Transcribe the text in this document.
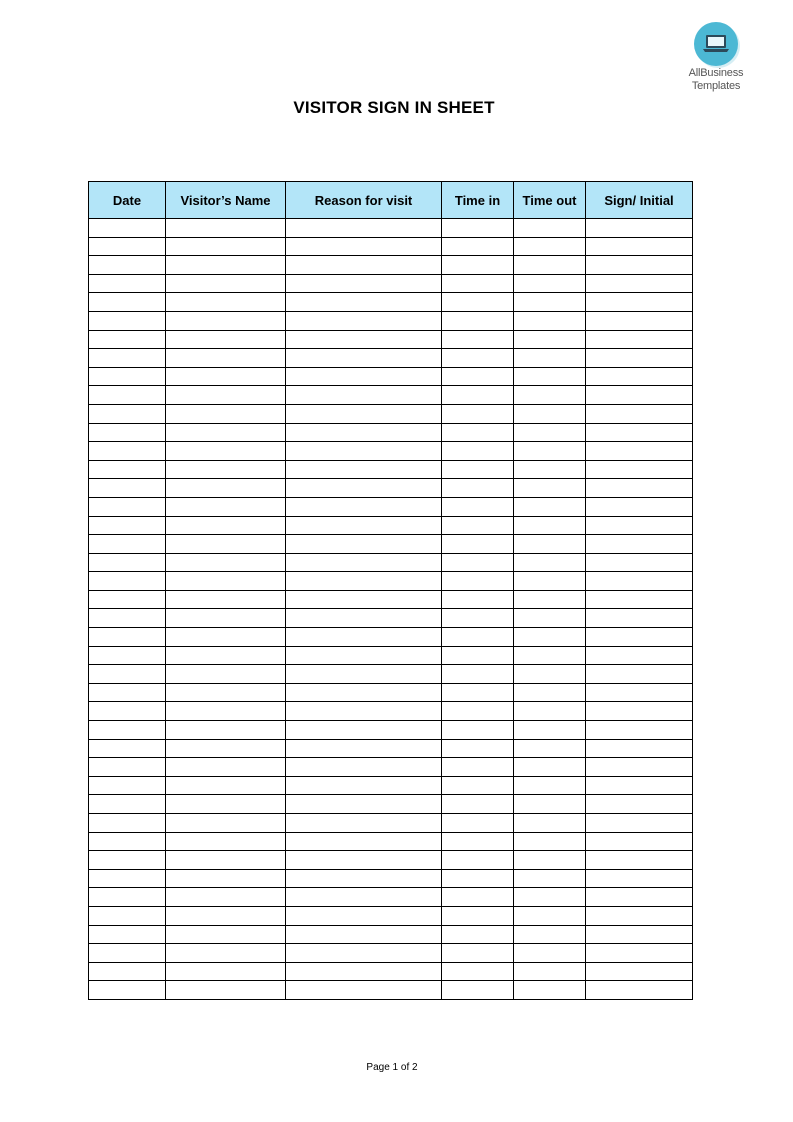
AllBusiness
Templates
VISITOR SIGN IN SHEET
Date	Visitor’s Name	Reason for visit	Time in	Time out	Sign/ Initial

Page 1 of 2
